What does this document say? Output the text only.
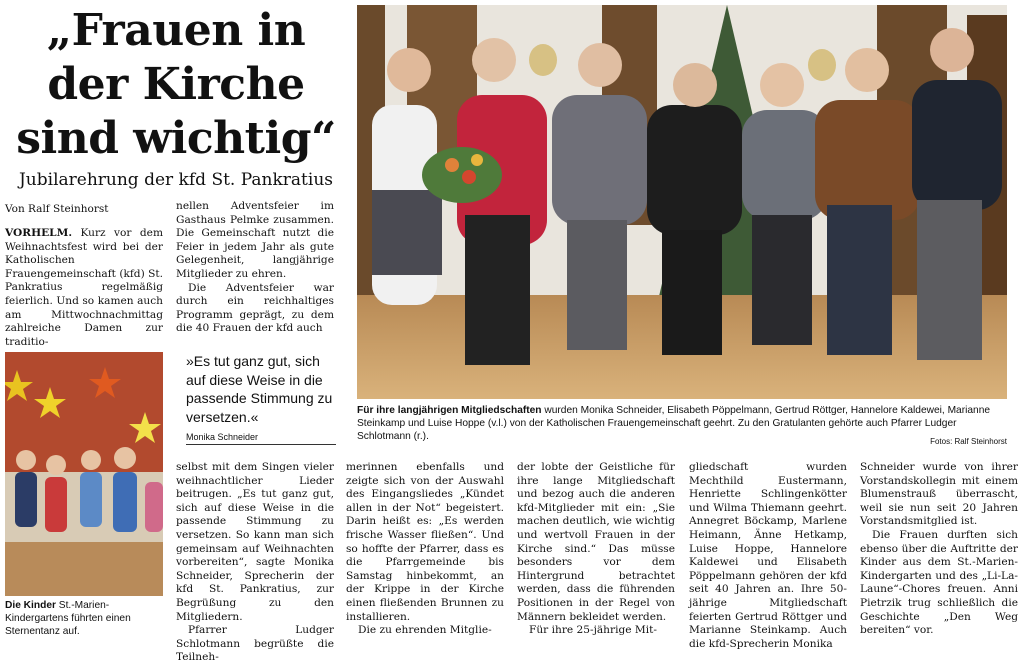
„Frauen in
der Kirche
sind wichtig“
Jubilarehrung der kfd St. Pankratius
Von Ralf Steinhorst

VORHELM. Kurz vor dem Weihnachtsfest wird bei der Katholischen Frauengemeinschaft (kfd) St. Pankratius regelmäßig feierlich. Und so kamen auch am Mittwochnachmittag zahlreiche Damen zur traditio-

nellen Adventsfeier im Gasthaus Pelmke zusammen. Die Gemeinschaft nutzt die Feier in jedem Jahr als gute Gelegenheit, langjährige Mitglieder zu ehren.

Die Adventsfeier war durch ein reichhaltiges Programm geprägt, zu dem die 40 Frauen der kfd auch

Für ihre langjährigen Mitgliedschaften wurden Monika Schneider, Elisabeth Pöppelmann, Gertrud Röttger, Hannelore Kaldewei, Marianne Steinkamp und Luise Hoppe (v.l.) von der Katholischen Frauengemeinschaft geehrt. Zu den Gratulanten gehörte auch Pfarrer Ludger Schlotmann (r.).	Fotos: Ralf Steinhorst
Die Kinder St.-Marien-Kindergartens führten einen Sternentanz auf.
»Es tut ganz gut, sich auf diese Weise in die passende Stimmung zu versetzen.«
Monika Schneider

selbst mit dem Singen vieler weihnachtlicher Lieder beitrugen. „Es tut ganz gut, sich auf diese Weise in die passende Stimmung zu versetzen. So kann man sich gemeinsam auf Weihnachten vorbereiten“, sagte Monika Schneider, Sprecherin der kfd St. Pankratius, zur Begrüßung zu den Mitgliedern.

Pfarrer Ludger Schlotmann begrüßte die Teilneh-

merinnen ebenfalls und zeigte sich von der Auswahl des Eingangsliedes „Kündet allen in der Not“ begeistert. Darin heißt es: „Es werden frische Wasser fließen“. Und so hoffte der Pfarrer, dass es die Pfarrgemeinde bis Samstag hinbekommt, an der Krippe in der Kirche einen fließenden Brunnen zu installieren.

Die zu ehrenden Mitglie-

der lobte der Geistliche für ihre lange Mitgliedschaft und bezog auch die anderen kfd-Mitglieder mit ein: „Sie machen deutlich, wie wichtig und wertvoll Frauen in der Kirche sind.“ Das müsse besonders vor dem Hintergrund betrachtet werden, dass die führenden Positionen in der Regel von Männern bekleidet werden.

Für ihre 25-jährige Mit-

gliedschaft wurden Mechthild Eustermann, Henriette Schlingenkötter und Wilma Thiemann geehrt. Annegret Böckamp, Marlene Heimann, Änne Hetkamp, Luise Hoppe, Hannelore Kaldewei und Elisabeth Pöppelmann gehören der kfd seit 40 Jahren an. Ihre 50-jährige Mitgliedschaft feierten Gertrud Röttger und Marianne Steinkamp. Auch die kfd-Sprecherin Monika

Schneider wurde von ihrer Vorstandskollegin mit einem Blumenstrauß überrascht, weil sie nun seit 20 Jahren Vorstandsmitglied ist.

Die Frauen durften sich ebenso über die Auftritte der Kinder aus dem St.-Marien-Kindergarten und des „Li-La-Laune“-Chores freuen. Anni Pietrzik trug schließlich die Geschichte „Den Weg bereiten“ vor.
